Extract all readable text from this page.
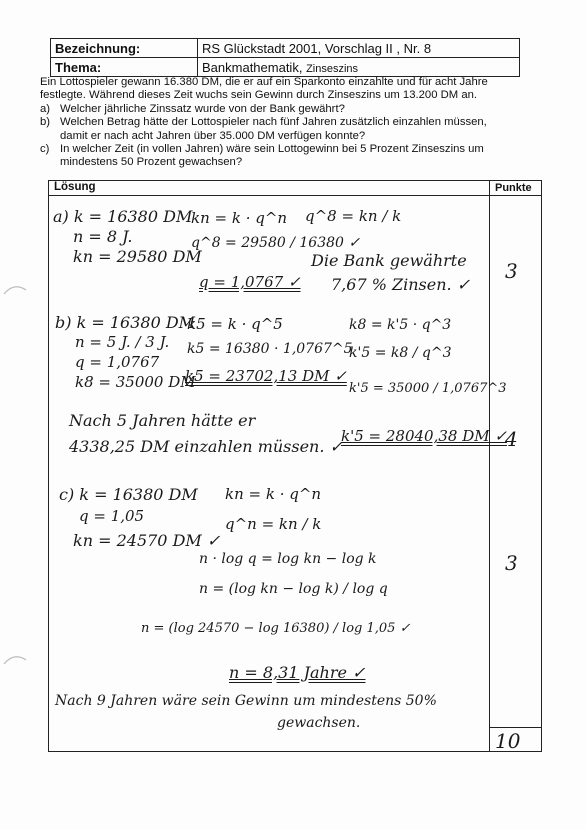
Bezeichnung:	RS Glückstadt 2001, Vorschlag II , Nr. 8
Thema:	Bankmathematik, Zinseszins

Ein Lottospieler gewann 16.380 DM, die er auf ein Sparkonto einzahlte und für acht Jahre

festlegte. Während dieses Zeit wuchs sein Gewinn durch Zinseszins um 13.200 DM an.

a) Welcher jährliche Zinssatz wurde von der Bank gewährt?
b) Welchen Betrag hätte der Lottospieler nach fünf Jahren zusätzlich einzahlen müssen,
damit er nach acht Jahren über 35.000 DM verfügen konnte?
c) In welcher Zeit (in vollen Jahren) wäre sein Lottogewinn bei 5 Prozent Zinseszins um
mindestens 50 Prozent gewachsen?
Lösung	Punkte
a) k = 16380 DM
n = 8 J.
kn = 29580 DM
kn = k · q^n
q^8 = 29580 / 16380 ✓
q^8 = kn / k
q = 1,0767 ✓
Die Bank gewährte
7,67 % Zinsen. ✓
3
b) k = 16380 DM
n = 5 J. / 3 J.
q = 1,0767
k8 = 35000 DM
k5 = k · q^5
k5 = 16380 · 1,0767^5
k5 = 23702,13 DM ✓
k8 = k'5 · q^3
k'5 = k8 / q^3
k'5 = 35000 / 1,0767^3
k'5 = 28040,38 DM ✓
Nach 5 Jahren hätte er
4338,25 DM einzahlen müssen. ✓	4
c) k = 16380 DM
q = 1,05
kn = 24570 DM ✓
kn = k · q^n
q^n = kn / k
n · log q = log kn − log k
n = (log kn − log k) / log q
n = (log 24570 − log 16380) / log 1,05 ✓
n = 8,31 Jahre ✓
Nach 9 Jahren wäre sein Gewinn um mindestens 50%
gewachsen.
3
10
